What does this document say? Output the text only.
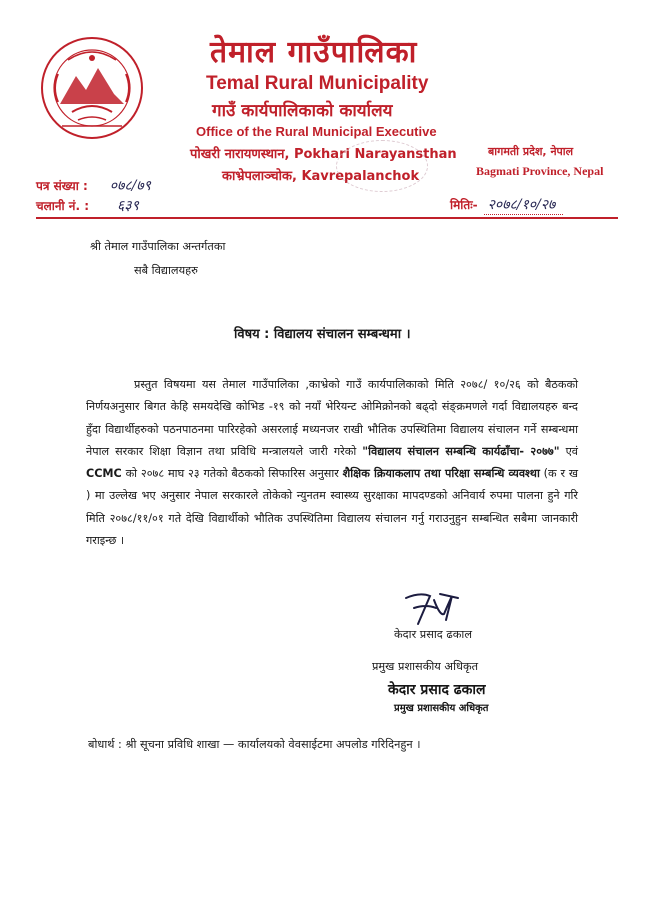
तेमाल गाउँपालिका
Temal Rural Municipality
गाउँ कार्यपालिकाको कार्यालय
Office of the Rural Municipal Executive
पोखरी नारायणस्थान, Pokhari Narayansthan
काभ्रेपलाञ्चोक, Kavrepalanchok
बागमती प्रदेश, नेपाल
Bagmati Province, Nepal
पत्र संख्या : ०७८/७९
चलानी नं. : ६३९	मितिः- २०७८/१०/२७
श्री तेमाल गाउँपालिका अन्तर्गतका
सबै विद्यालयहरु
विषय : विद्यालय संचालन सम्बन्धमा ।
प्रस्तुत विषयमा यस तेमाल गाउँपालिका ,काभ्रेको गाउँ कार्यपालिकाको मिति २०७८/ १०/२६ को बैठकको निर्णयअनुसार बिगत केहि समयदेखि कोभिड -१९ को नयाँ भेरियन्ट ओमिक्रोनको बढ्दो संङ्क्रमणले गर्दा विद्यालयहरु बन्द हुँदा विद्यार्थीहरुको पठनपाठनमा पारिरहेको असरलाई मध्यनजर राखी भौतिक उपस्थितिमा विद्यालय संचालन गर्ने सम्बन्धमा नेपाल सरकार शिक्षा विज्ञान तथा प्रविधि मन्त्रालयले जारी गरेको "विद्यालय संचालन सम्बन्धि कार्यढाँचा- २०७७" एवं CCMC को २०७८ माघ २३ गतेको बैठकको सिफारिस अनुसार शैक्षिक क्रियाकलाप तथा परिक्षा सम्बन्धि व्यवश्था (क र ख ) मा उल्लेख भए अनुसार नेपाल सरकारले तोकेको न्युनतम स्वास्थ्य सुरक्षाका मापदण्डको अनिवार्य रुपमा पालना हुने गरि मिति २०७८/११/०१ गते देखि विद्यार्थीको भौतिक उपस्थितिमा विद्यालय संचालन गर्नु गराउनुहुन सम्बन्धित सबैमा जानकारी गराइन्छ ।
केदार प्रसाद ढकाल
प्रमुख प्रशासकीय अधिकृत
केदार प्रसाद ढकाल
प्रमुख प्रशासकीय अधिकृत
बोधार्थ : श्री सूचना प्रविधि शाखा — कार्यालयको वेवसाईटमा अपलोड गरिदिनहुन ।
